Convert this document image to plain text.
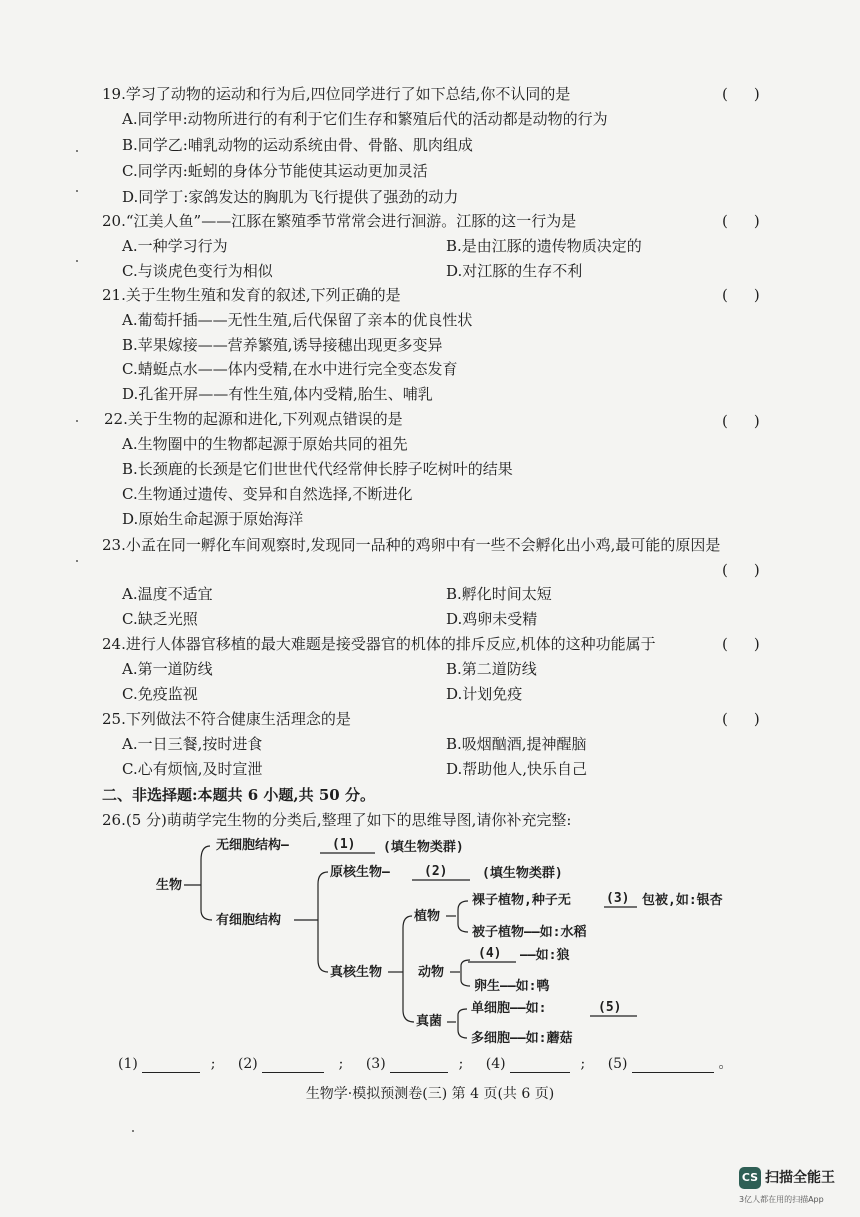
19.学习了动物的运动和行为后,四位同学进行了如下总结,你不认同的是	()
A.同学甲:动物所进行的有利于它们生存和繁殖后代的活动都是动物的行为
B.同学乙:哺乳动物的运动系统由骨、骨骼、肌肉组成
C.同学丙:蚯蚓的身体分节能使其运动更加灵活
D.同学丁:家鸽发达的胸肌为飞行提供了强劲的动力
20.“江美人鱼”——江豚在繁殖季节常常会进行洄游。江豚的这一行为是	()
A.一种学习行为	B.是由江豚的遗传物质决定的
C.与谈虎色变行为相似	D.对江豚的生存不利
21.关于生物生殖和发育的叙述,下列正确的是	()
A.葡萄扦插——无性生殖,后代保留了亲本的优良性状
B.苹果嫁接——营养繁殖,诱导接穗出现更多变异
C.蜻蜓点水——体内受精,在水中进行完全变态发育
D.孔雀开屏——有性生殖,体内受精,胎生、哺乳
22.关于生物的起源和进化,下列观点错误的是	()
A.生物圈中的生物都起源于原始共同的祖先
B.长颈鹿的长颈是它们世世代代经常伸长脖子吃树叶的结果
C.生物通过遗传、变异和自然选择,不断进化
D.原始生命起源于原始海洋
23.小孟在同一孵化车间观察时,发现同一品种的鸡卵中有一些不会孵化出小鸡,最可能的原因是
()
A.温度不适宜	B.孵化时间太短
C.缺乏光照	D.鸡卵未受精
24.进行人体器官移植的最大难题是接受器官的机体的排斥反应,机体的这种功能属于	()
A.第一道防线	B.第二道防线
C.免疫监视	D.计划免疫
25.下列做法不符合健康生活理念的是	()
A.一日三餐,按时进食	B.吸烟酗酒,提神醒脑
C.心有烦恼,及时宣泄	D.帮助他人,快乐自己
二、非选择题:本题共 6 小题,共 50 分。
26.(5 分)萌萌学完生物的分类后,整理了如下的思维导图,请你补充完整:
生物
无细胞结构—	(1) (填生物类群)
有细胞结构
原核生物—	(2)	(填生物类群)
真核生物
植物
裸子植物,种子无	(3) 包被,如:银杏
被子植物——如:水稻
动物
(4) ——如:狼
卵生——如:鸭
真菌
单细胞——如:	(5)
多细胞——如:蘑菇
(1)	; (2)	; (3)	; (4)	; (5)	。
生物学·模拟预测卷(三) 第 4 页(共 6 页)
CS 扫描全能王
3亿人都在用的扫描App
